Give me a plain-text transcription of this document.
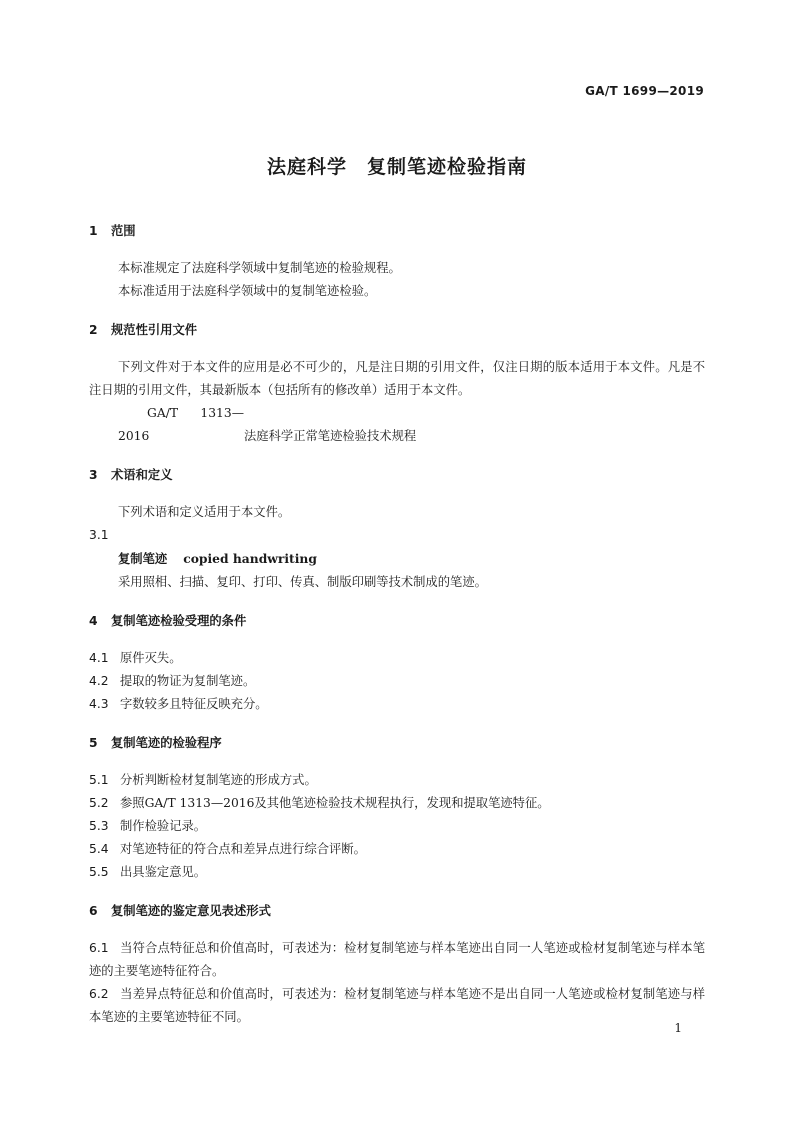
GA/T 1699—2019
法庭科学　复制笔迹检验指南
1	范围

本标准规定了法庭科学领域中复制笔迹的检验规程。

本标准适用于法庭科学领域中的复制笔迹检验。

2	规范性引用文件

下列文件对于本文件的应用是必不可少的，凡是注日期的引用文件，仅注日期的版本适用于本文件。凡是不注日期的引用文件，其最新版本（包括所有的修改单）适用于本文件。

GA/T 1313—2016	法庭科学正常笔迹检验技术规程

3	术语和定义

下列术语和定义适用于本文件。

3.1

复制笔迹 copied handwriting

采用照相、扫描、复印、打印、传真、制版印刷等技术制成的笔迹。

4	复制笔迹检验受理的条件
4.1 原件灭失。
4.2 提取的物证为复制笔迹。
4.3 字数较多且特征反映充分。
5	复制笔迹的检验程序
5.1 分析判断检材复制笔迹的形成方式。
5.2 参照GA/T 1313—2016及其他笔迹检验技术规程执行，发现和提取笔迹特征。
5.3 制作检验记录。
5.4 对笔迹特征的符合点和差异点进行综合评断。
5.5 出具鉴定意见。
6	复制笔迹的鉴定意见表述形式

6.1 当符合点特征总和价值高时，可表述为：检材复制笔迹与样本笔迹出自同一人笔迹或检材复制笔迹与样本笔迹的主要笔迹特征符合。

6.2 当差异点特征总和价值高时，可表述为：检材复制笔迹与样本笔迹不是出自同一人笔迹或检材复制笔迹与样本笔迹的主要笔迹特征不同。

1
